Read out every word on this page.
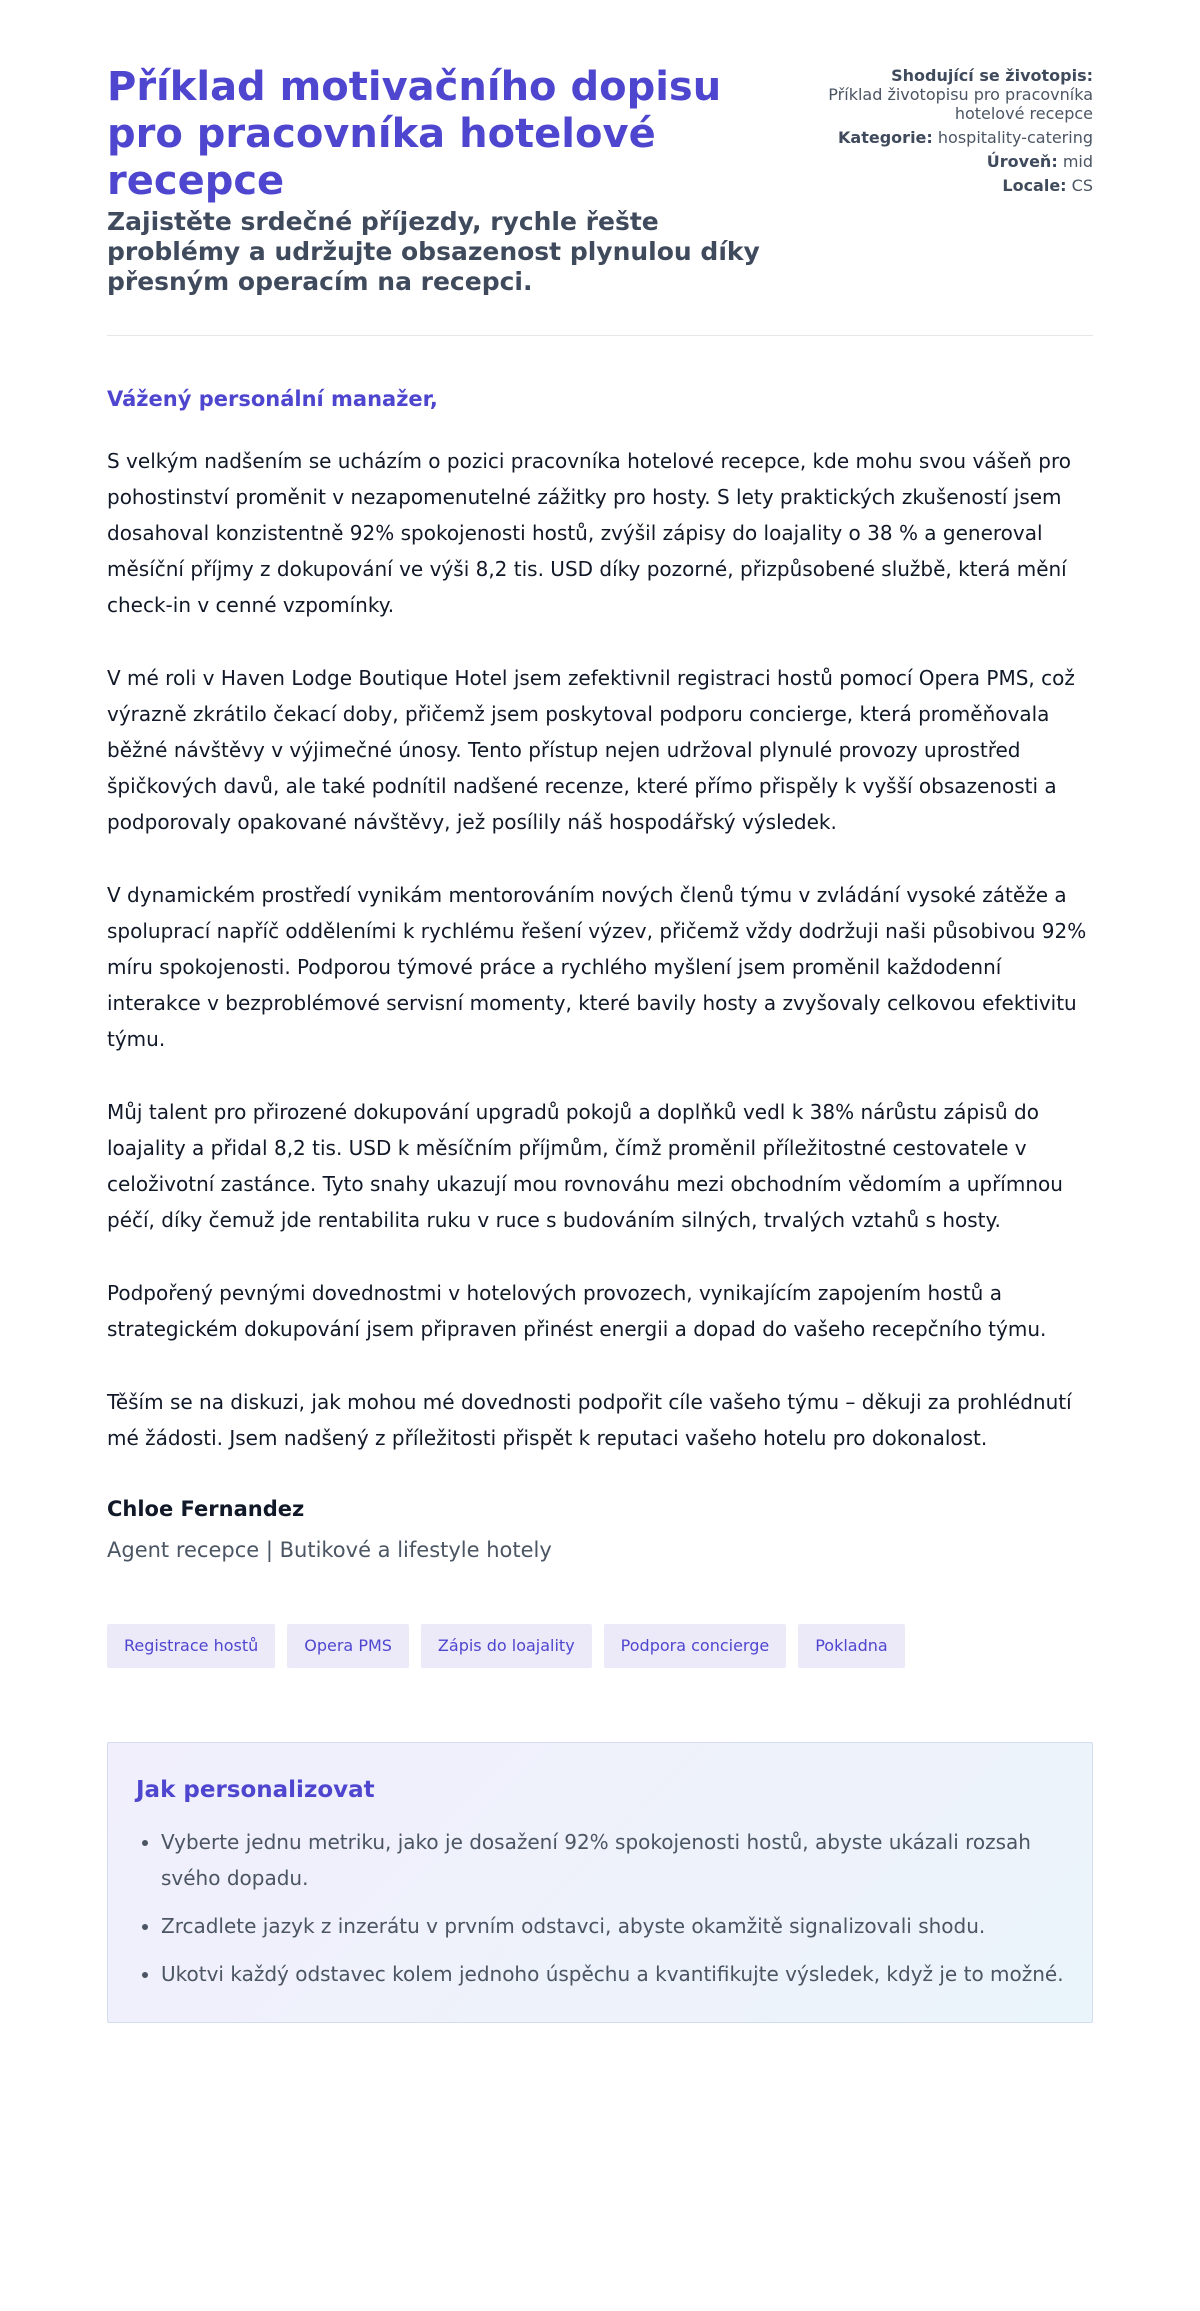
Příklad motivačního dopisu pro pracovníka hotelové recepce
Zajistěte srdečné příjezdy, rychle řešte problémy a udržujte obsazenost plynulou díky přesným operacím na recepci.
Shodující se životopis:
Příklad životopisu pro pracovníka hotelové recepce
Kategorie: hospitality-catering
Úroveň: mid
Locale: CS

Vážený personální manažer,

S velkým nadšením se ucházím o pozici pracovníka hotelové recepce, kde mohu svou vášeň pro pohostinství proměnit v nezapomenutelné zážitky pro hosty. S lety praktických zkušeností jsem dosahoval konzistentně 92% spokojenosti hostů, zvýšil zápisy do loajality o 38 % a generoval měsíční příjmy z dokupování ve výši 8,2 tis. USD díky pozorné, přizpůsobené službě, která mění check-in v cenné vzpomínky.

V mé roli v Haven Lodge Boutique Hotel jsem zefektivnil registraci hostů pomocí Opera PMS, což výrazně zkrátilo čekací doby, přičemž jsem poskytoval podporu concierge, která proměňovala běžné návštěvy v výjimečné únosy. Tento přístup nejen udržoval plynulé provozy uprostřed špičkových davů, ale také podnítil nadšené recenze, které přímo přispěly k vyšší obsazenosti a podporovaly opakované návštěvy, jež posílily náš hospodářský výsledek.

V dynamickém prostředí vynikám mentorováním nových členů týmu v zvládání vysoké zátěže a spoluprací napříč odděleními k rychlému řešení výzev, přičemž vždy dodržuji naši působivou 92% míru spokojenosti. Podporou týmové práce a rychlého myšlení jsem proměnil každodenní interakce v bezproblémové servisní momenty, které bavily hosty a zvyšovaly celkovou efektivitu týmu.

Můj talent pro přirozené dokupování upgradů pokojů a doplňků vedl k 38% nárůstu zápisů do loajality a přidal 8,2 tis. USD k měsíčním příjmům, čímž proměnil příležitostné cestovatele v celoživotní zastánce. Tyto snahy ukazují mou rovnováhu mezi obchodním vědomím a upřímnou péčí, díky čemuž jde rentabilita ruku v ruce s budováním silných, trvalých vztahů s hosty.

Podpořený pevnými dovednostmi v hotelových provozech, vynikajícím zapojením hostů a strategickém dokupování jsem připraven přinést energii a dopad do vašeho recepčního týmu.

Těším se na diskuzi, jak mohou mé dovednosti podpořit cíle vašeho týmu – děkuji za prohlédnutí mé žádosti. Jsem nadšený z příležitosti přispět k reputaci vašeho hotelu pro dokonalost.

Chloe Fernandez
Agent recepce | Butikové a lifestyle hotely
Registrace hostů	Opera PMS	Zápis do loajality	Podpora concierge	Pokladna
Jak personalizovat
• Vyberte jednu metriku, jako je dosažení 92% spokojenosti hostů, abyste ukázali rozsah svého dopadu.
• Zrcadlete jazyk z inzerátu v prvním odstavci, abyste okamžitě signalizovali shodu.
• Ukotvi každý odstavec kolem jednoho úspěchu a kvantifikujte výsledek, když je to možné.
